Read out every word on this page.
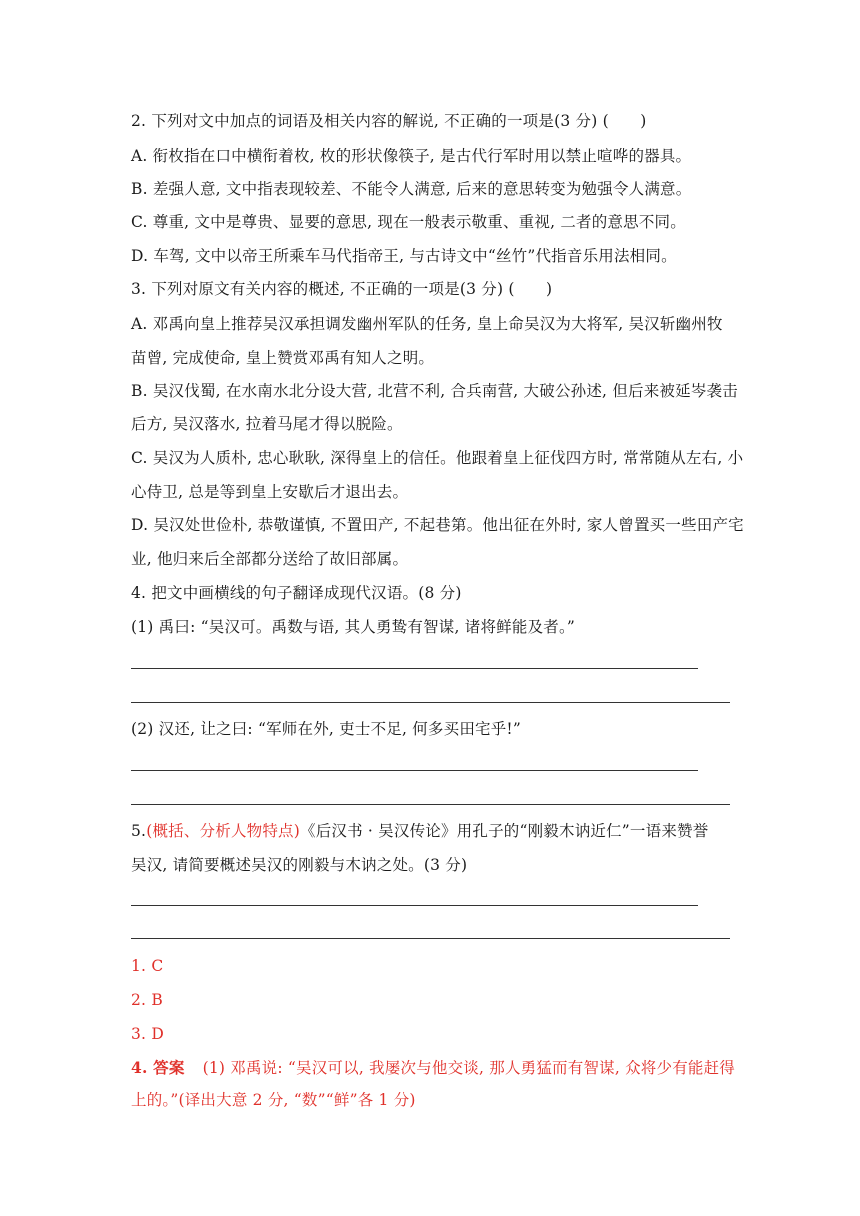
2. 下列对文中加点的词语及相关内容的解说, 不正确的一项是(3 分) (　　)
A. 衔枚指在口中横衔着枚, 枚的形状像筷子, 是古代行军时用以禁止喧哗的器具。
B. 差强人意, 文中指表现较差、不能令人满意, 后来的意思转变为勉强令人满意。
C. 尊重, 文中是尊贵、显要的意思, 现在一般表示敬重、重视, 二者的意思不同。
D. 车驾, 文中以帝王所乘车马代指帝王, 与古诗文中“丝竹”代指音乐用法相同。
3. 下列对原文有关内容的概述, 不正确的一项是(3 分) (　　)
A. 邓禹向皇上推荐吴汉承担调发幽州军队的任务, 皇上命吴汉为大将军, 吴汉斩幽州牧
苗曾, 完成使命, 皇上赞赏邓禹有知人之明。
B. 吴汉伐蜀, 在水南水北分设大营, 北营不利, 合兵南营, 大破公孙述, 但后来被延岑袭击
后方, 吴汉落水, 拉着马尾才得以脱险。
C. 吴汉为人质朴, 忠心耿耿, 深得皇上的信任。他跟着皇上征伐四方时, 常常随从左右, 小
心侍卫, 总是等到皇上安歇后才退出去。
D. 吴汉处世俭朴, 恭敬谨慎, 不置田产, 不起巷第。他出征在外时, 家人曾置买一些田产宅
业, 他归来后全部都分送给了故旧部属。
4. 把文中画横线的句子翻译成现代汉语。(8 分)
(1) 禹曰: “吴汉可。禹数与语, 其人勇鸷有智谋, 诸将鲜能及者。”
(2) 汉还, 让之曰: “军师在外, 吏士不足, 何多买田宅乎!”
5.(概括、分析人物特点)《后汉书 · 吴汉传论》用孔子的“刚毅木讷近仁”一语来赞誉
吴汉, 请简要概述吴汉的刚毅与木讷之处。(3 分)
1. C
2. B
3. D
4. 答案 (1) 邓禹说: “吴汉可以, 我屡次与他交谈, 那人勇猛而有智谋, 众将少有能赶得
上的。”(译出大意 2 分, “数”“鲜”各 1 分)
